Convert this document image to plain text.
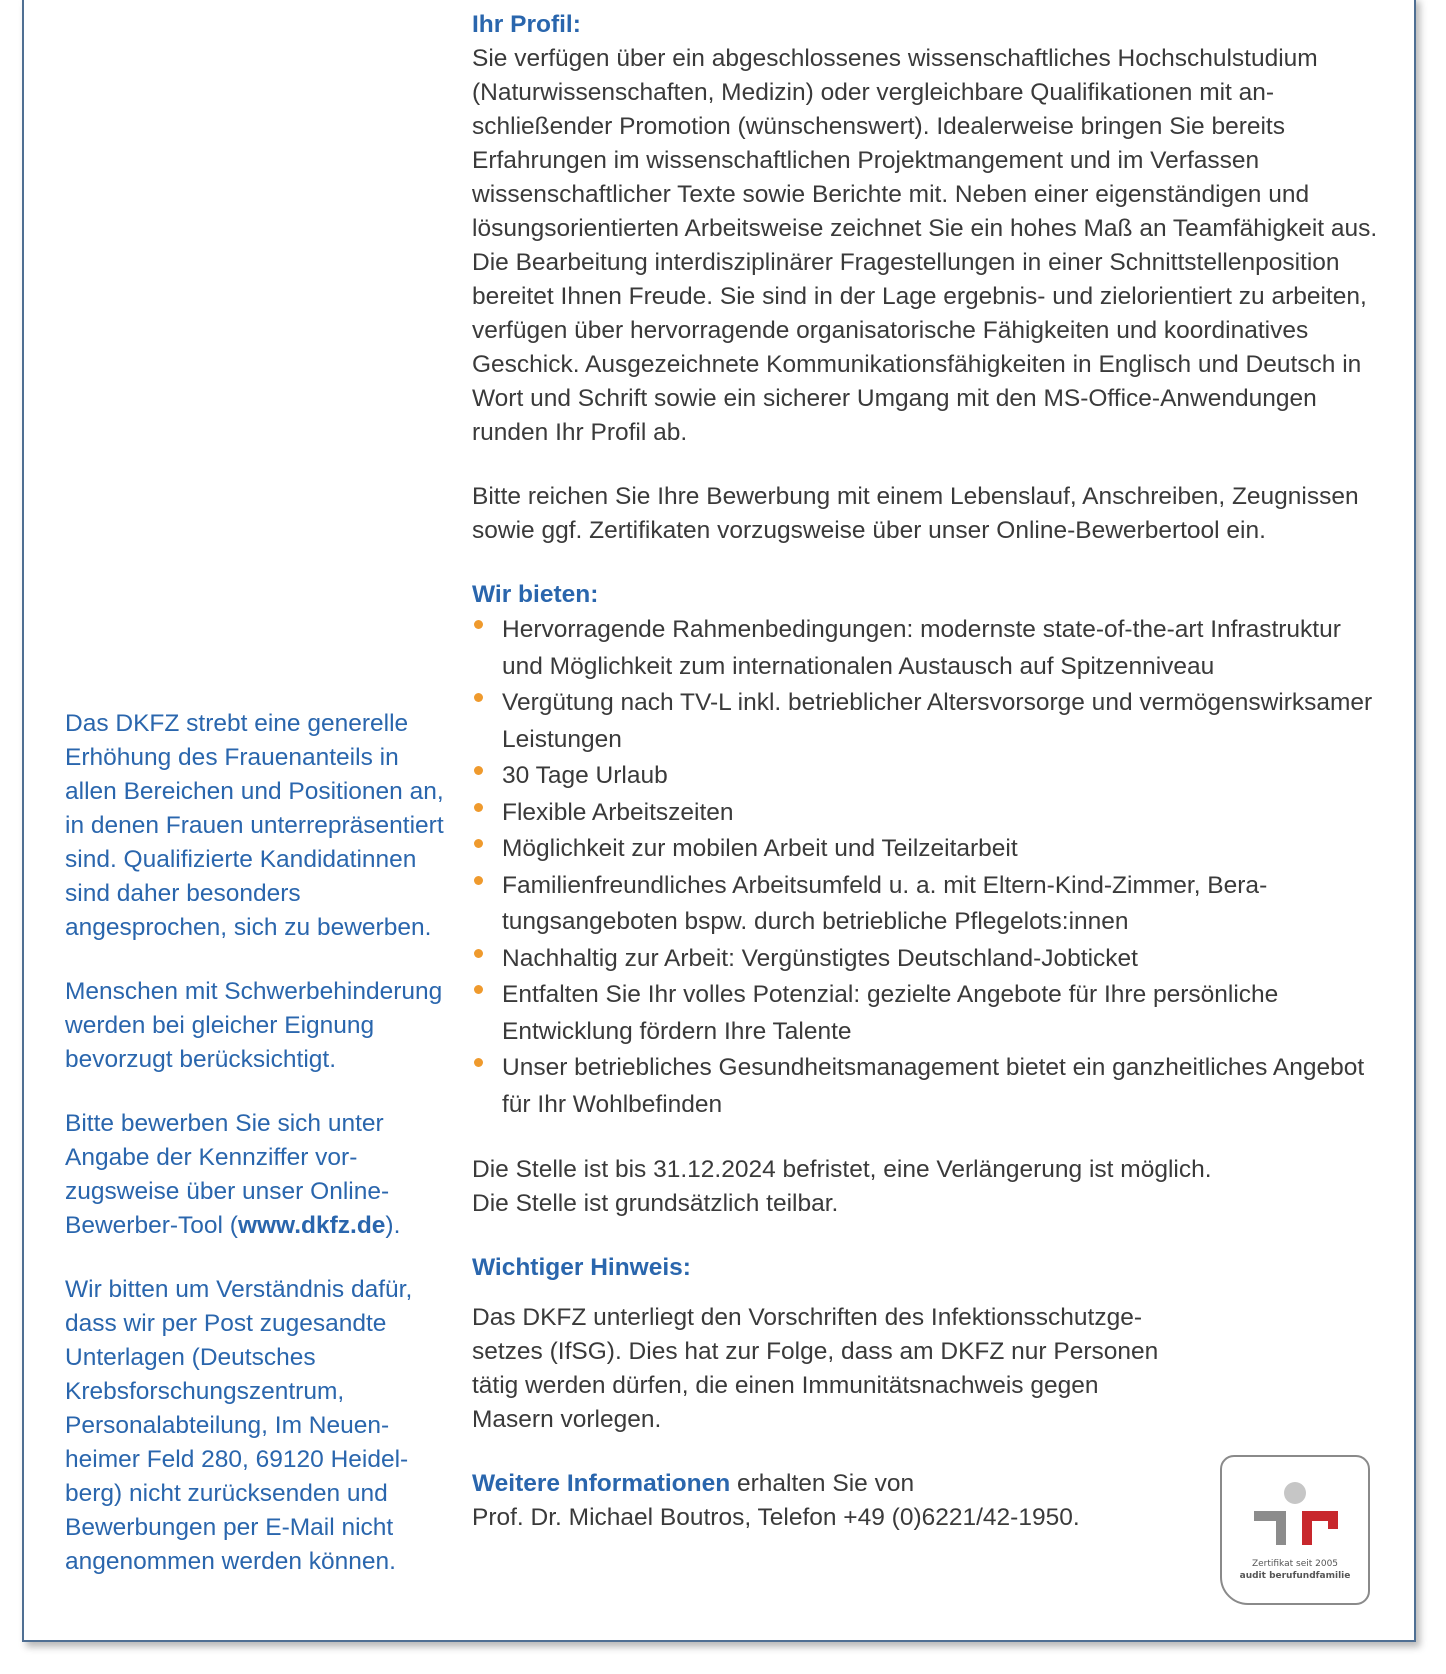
Das DKFZ strebt eine generelle Erhöhung des Frauenanteils in allen Bereichen und Positionen an, in denen Frauen unterrepräsentiert sind. Qualifizierte Kandidatinnen sind daher besonders angesprochen, sich zu bewerben.

Menschen mit Schwerbehinderung werden bei gleicher Eignung bevorzugt berücksichtigt.

Bitte bewerben Sie sich unter Angabe der Kennziffer vorzugsweise über unser Online-Bewerber-Tool (www.dkfz.de).

Wir bitten um Verständnis dafür, dass wir per Post zugesandte Unterlagen (Deutsches Krebsforschungszentrum, Personalabteilung, Im Neuenheimer Feld 280, 69120 Heidelberg) nicht zurücksenden und Bewerbungen per E-Mail nicht angenommen werden können.

Ihr Profil:

Sie verfügen über ein abgeschlossenes wissenschaftliches Hochschulstudium (Naturwissenschaften, Medizin) oder vergleichbare Qualifikationen mit anschließender Promotion (wünschenswert). Idealerweise bringen Sie bereits Erfahrungen im wissenschaftlichen Projektmangement und im Verfassen wissenschaftlicher Texte sowie Berichte mit. Neben einer eigenständigen und lösungsorientierten Arbeitsweise zeichnet Sie ein hohes Maß an Teamfähigkeit aus. Die Bearbeitung interdisziplinärer Fragestellungen in einer Schnittstellenposition bereitet Ihnen Freude. Sie sind in der Lage ergebnis- und zielorientiert zu arbeiten, verfügen über hervorragende organisatorische Fähigkeiten und koordinatives Geschick. Ausgezeichnete Kommunikationsfähigkeiten in Englisch und Deutsch in Wort und Schrift sowie ein sicherer Umgang mit den MS-Office-Anwendungen runden Ihr Profil ab.

Bitte reichen Sie Ihre Bewerbung mit einem Lebenslauf, Anschreiben, Zeugnissen sowie ggf. Zertifikaten vorzugsweise über unser Online-Bewerbertool ein.

Wir bieten:

Hervorragende Rahmenbedingungen: modernste state-of-the-art Infrastruktur und Möglichkeit zum internationalen Austausch auf Spitzenniveau
Vergütung nach TV-L inkl. betrieblicher Altersvorsorge und vermögenswirksamer Leistungen
30 Tage Urlaub
Flexible Arbeitszeiten
Möglichkeit zur mobilen Arbeit und Teilzeitarbeit
Familienfreundliches Arbeitsumfeld u. a. mit Eltern-Kind-Zimmer, Beratungsangeboten bspw. durch betriebliche Pflegelots:innen
Nachhaltig zur Arbeit: Vergünstigtes Deutschland-Jobticket
Entfalten Sie Ihr volles Potenzial: gezielte Angebote für Ihre persönliche Entwicklung fördern Ihre Talente
Unser betriebliches Gesundheitsmanagement bietet ein ganzheitliches Angebot für Ihr Wohlbefinden

Die Stelle ist bis 31.12.2024 befristet, eine Verlängerung ist möglich.

Die Stelle ist grundsätzlich teilbar.

Wichtiger Hinweis:

Das DKFZ unterliegt den Vorschriften des Infektionsschutzgesetzes (IfSG). Dies hat zur Folge, dass am DKFZ nur Personen tätig werden dürfen, die einen Immunitätsnachweis gegen Masern vorlegen.

Weitere Informationen erhalten Sie von

Prof. Dr. Michael Boutros, Telefon +49 (0)6221/42-1950.

Zertifikat seit 2005
audit berufundfamilie
